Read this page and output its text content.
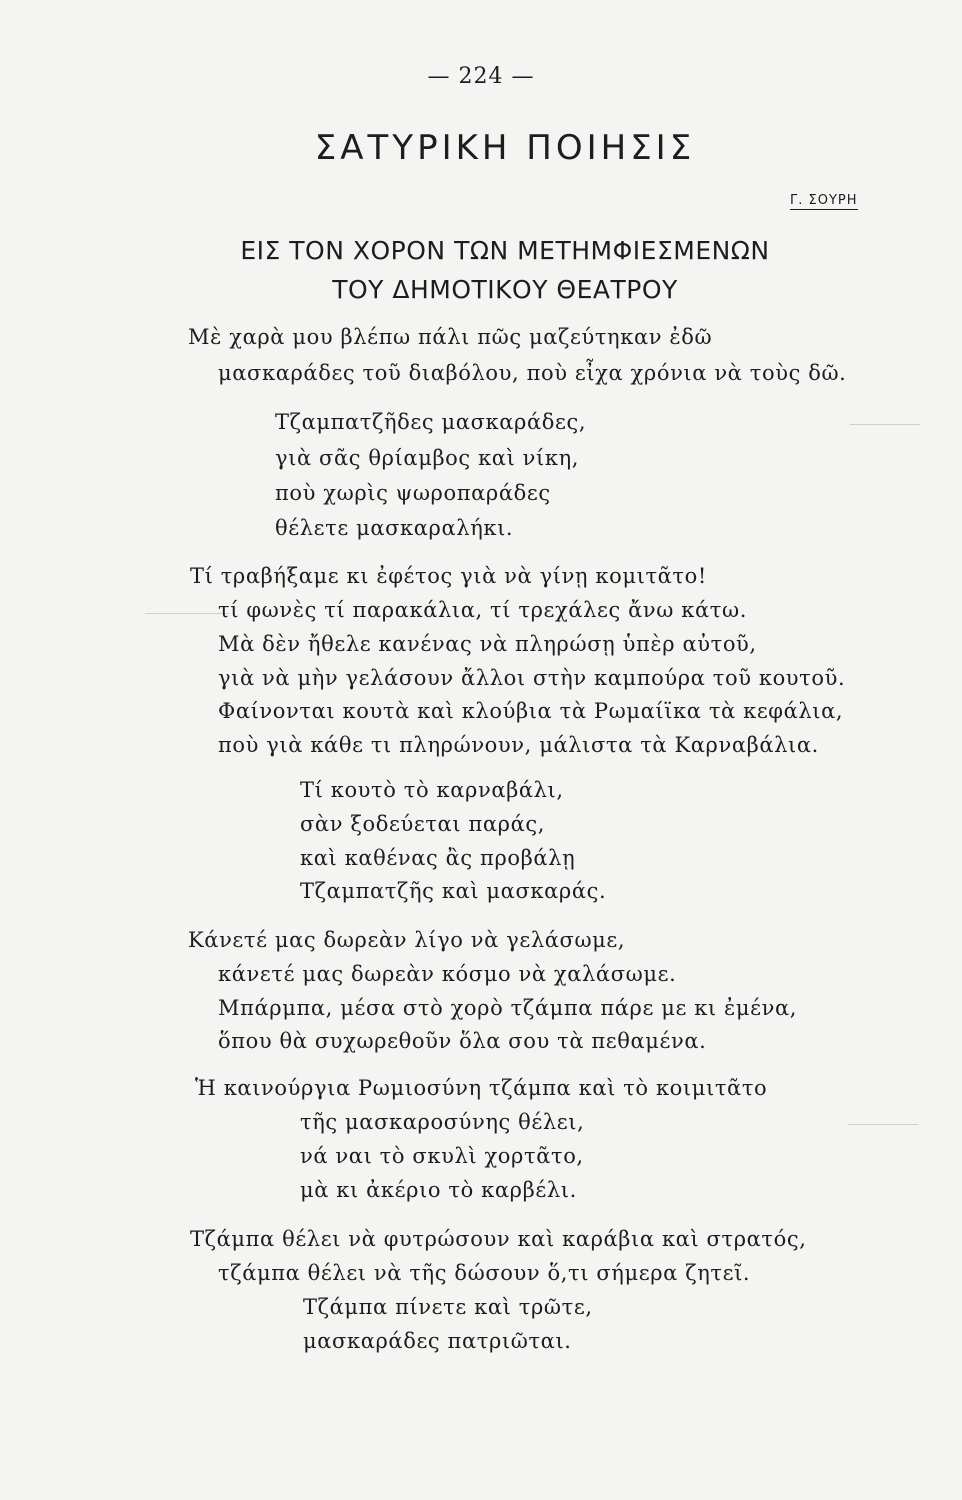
— 224 —
ΣΑΤΥΡΙΚΗ ΠΟΙΗΣΙΣ
Γ. ΣΟΥΡΗ
ΕΙΣ ΤΟΝ ΧΟΡΟΝ ΤΩΝ ΜΕΤΗΜΦΙΕΣΜΕΝΩΝ
ΤΟΥ ΔΗΜΟΤΙΚΟΥ ΘΕΑΤΡΟΥ
Μὲ χαρὰ μου βλέπω πάλι πῶς μαζεύτηκαν ἐδῶ
μασκαράδες τοῦ διαβόλου, ποὺ εἶχα χρόνια νὰ τοὺς δῶ.
Τζαμπατζῆδες μασκαράδες,
γιὰ σᾶς θρίαμβος καὶ νίκη,
ποὺ χωρὶς ψωροπαράδες
θέλετε μασκαραλήκι.
Τί τραβήξαμε κι ἐφέτος γιὰ νὰ γίνῃ κομιτᾶτο!
τί φωνὲς τί παρακάλια, τί τρεχάλες ἄνω κάτω.
Μὰ δὲν ἤθελε κανένας νὰ πληρώσῃ ὑπὲρ αὐτοῦ,
γιὰ νὰ μὴν γελάσουν ἄλλοι στὴν καμπούρα τοῦ κουτοῦ.
Φαίνονται κουτὰ καὶ κλούβια τὰ Ρωμαίϊκα τὰ κεφάλια,
ποὺ γιὰ κάθε τι πληρώνουν, μάλιστα τὰ Καρναβάλια.
Τί κουτὸ τὸ καρναβάλι,
σὰν ξοδεύεται παράς,
καὶ καθένας ἂς προβάλῃ
Τζαμπατζῆς καὶ μασκαράς.
Κάνετέ μας δωρεὰν λίγο νὰ γελάσωμε,
κάνετέ μας δωρεὰν κόσμο νὰ χαλάσωμε.
Μπάρμπα, μέσα στὸ χορὸ τζάμπα πάρε με κι ἐμένα,
ὅπου θὰ συχωρεθοῦν ὅλα σου τὰ πεθαμένα.
Ἡ καινούργια Ρωμιοσύνη τζάμπα καὶ τὸ κοιμιτᾶτο
τῆς μασκαροσύνης θέλει,
νά ναι τὸ σκυλὶ χορτᾶτο,
μὰ κι ἀκέριο τὸ καρβέλι.
Τζάμπα θέλει νὰ φυτρώσουν καὶ καράβια καὶ στρατός,
τζάμπα θέλει νὰ τῆς δώσουν ὅ,τι σήμερα ζητεῖ.
Τζάμπα πίνετε καὶ τρῶτε,
μασκαράδες πατριῶται.
